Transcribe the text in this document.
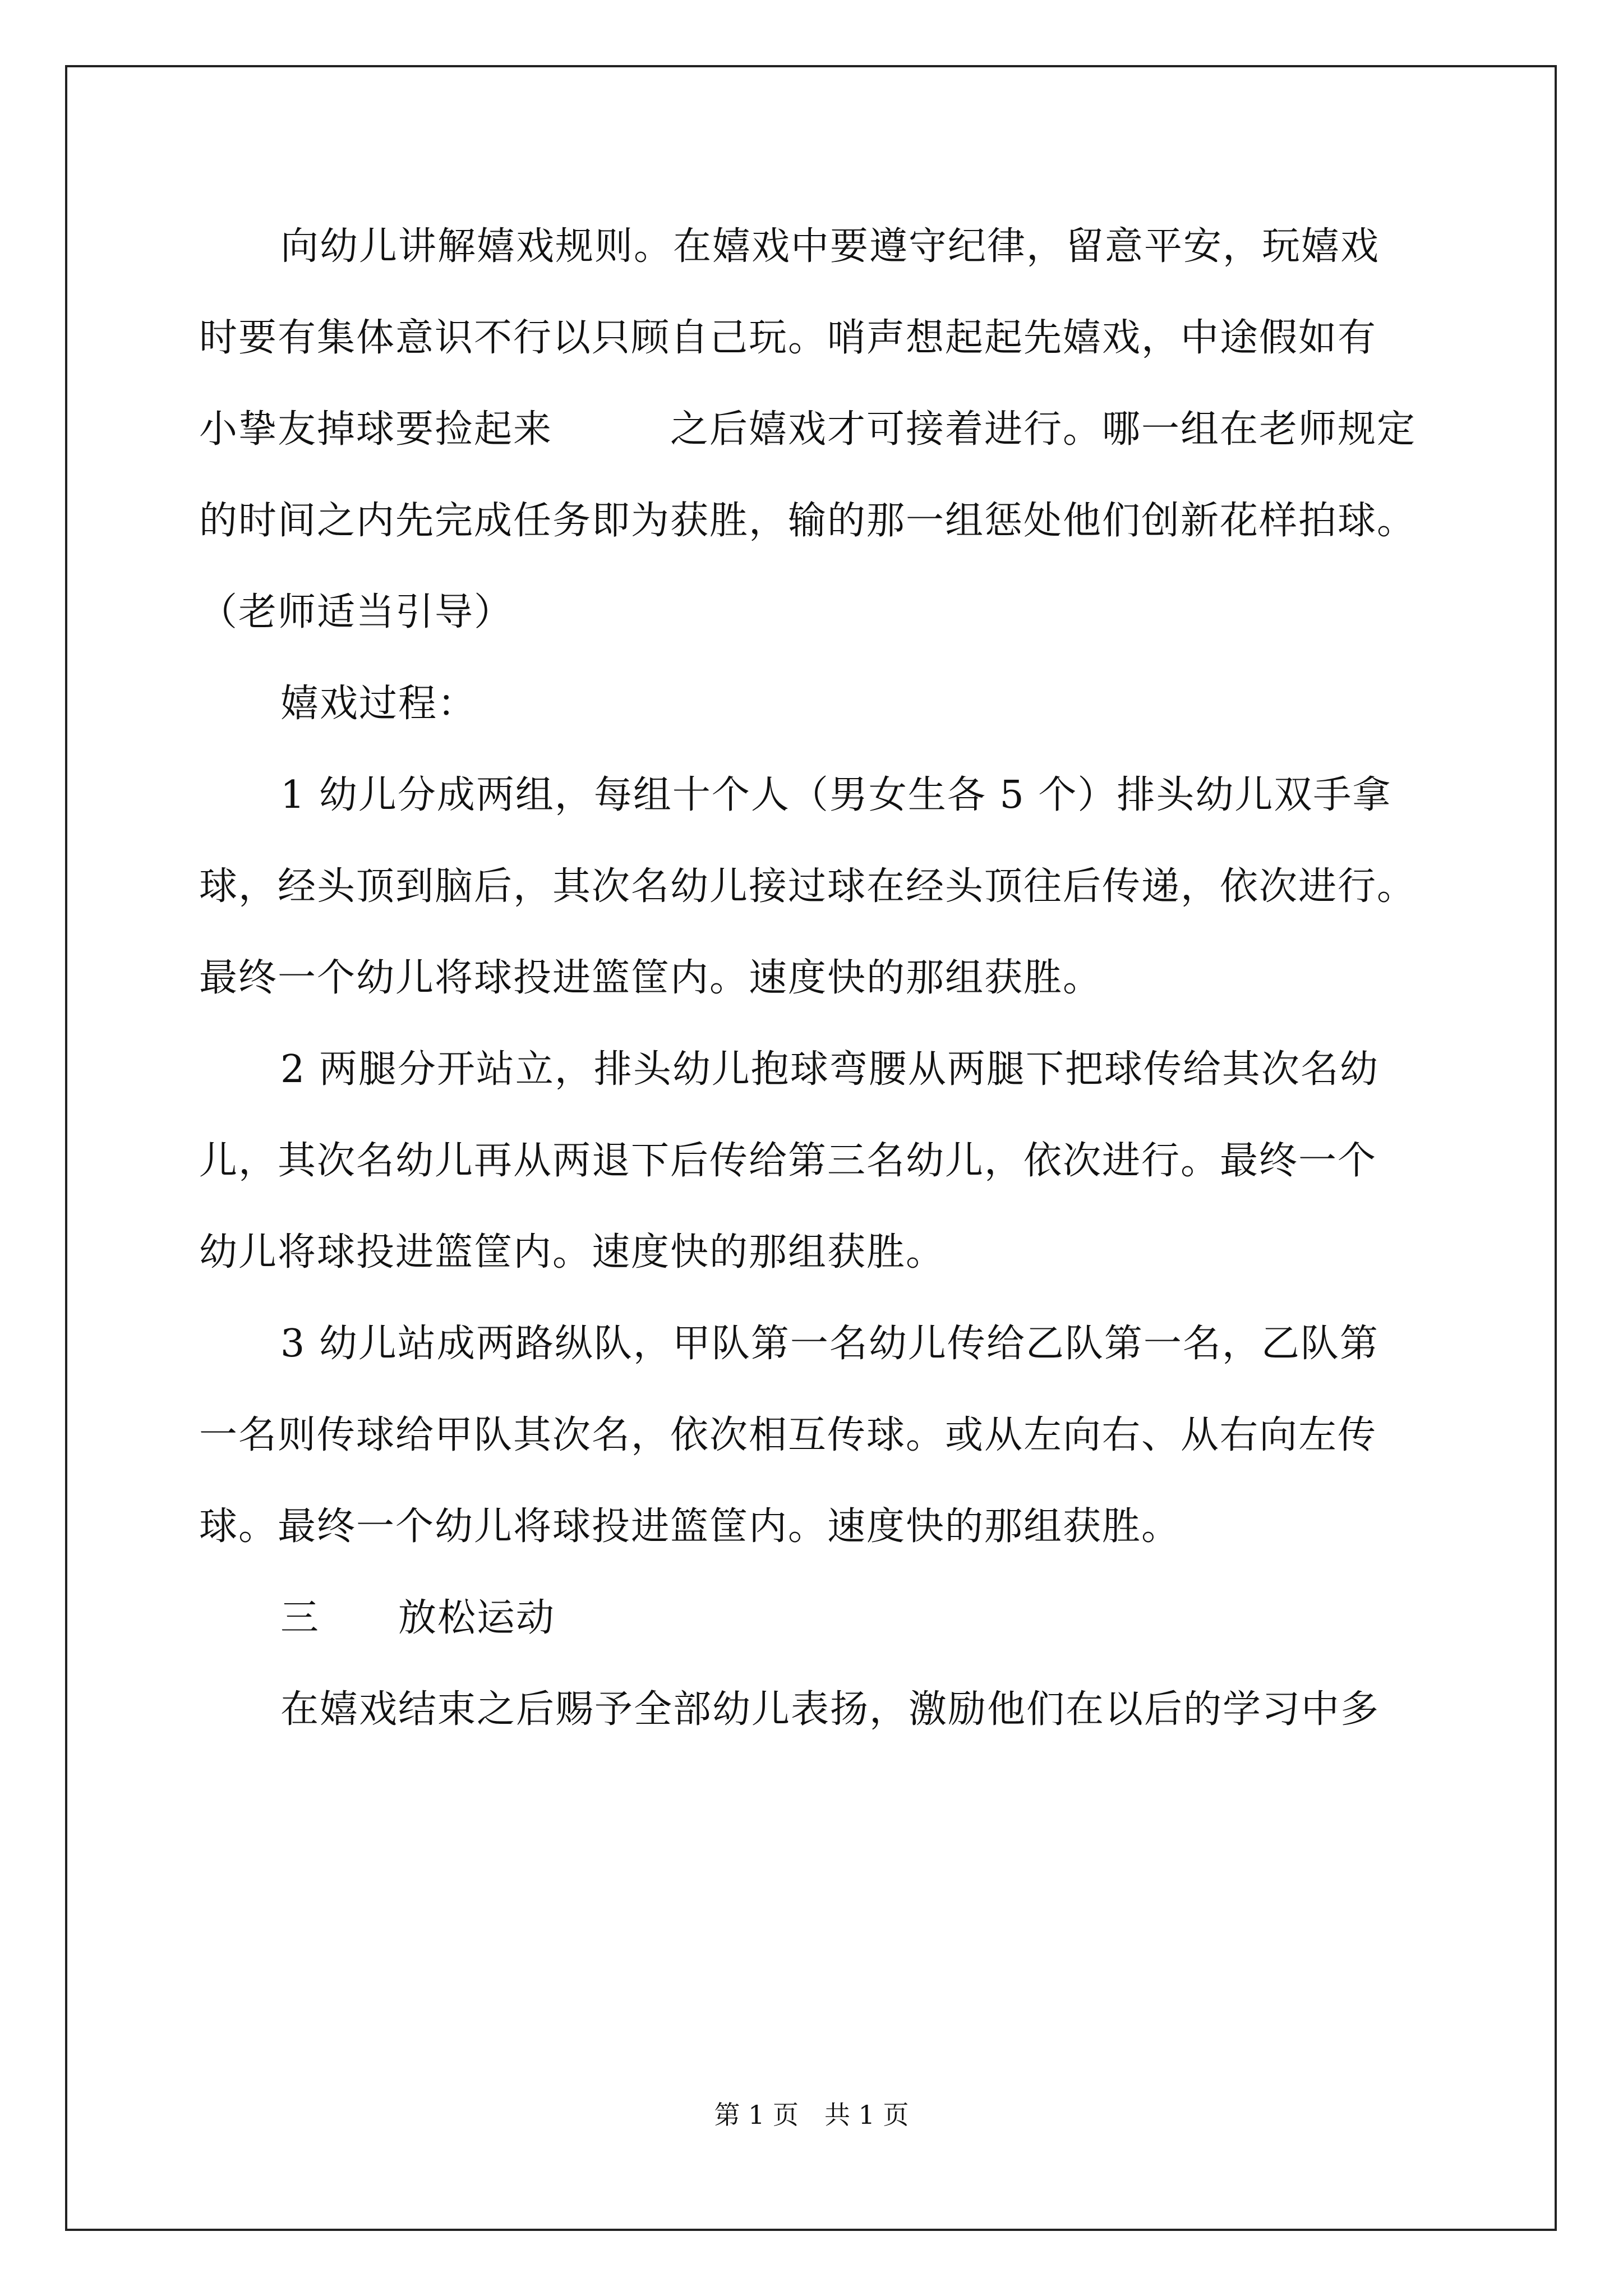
向幼儿讲解嬉戏规则。在嬉戏中要遵守纪律，留意平安，玩嬉戏
时要有集体意识不行以只顾自己玩。哨声想起起先嬉戏，中途假如有
小挚友掉球要捡起来　　　之后嬉戏才可接着进行。哪一组在老师规定
的时间之内先完成任务即为获胜，输的那一组惩处他们创新花样拍球。
（老师适当引导）
嬉戏过程：
1 幼儿分成两组，每组十个人（男女生各 5 个）排头幼儿双手拿
球，经头顶到脑后，其次名幼儿接过球在经头顶往后传递，依次进行。
最终一个幼儿将球投进篮筐内。速度快的那组获胜。
2 两腿分开站立，排头幼儿抱球弯腰从两腿下把球传给其次名幼
儿，其次名幼儿再从两退下后传给第三名幼儿，依次进行。最终一个
幼儿将球投进篮筐内。速度快的那组获胜。
3 幼儿站成两路纵队，甲队第一名幼儿传给乙队第一名，乙队第
一名则传球给甲队其次名，依次相互传球。或从左向右、从右向左传
球。最终一个幼儿将球投进篮筐内。速度快的那组获胜。
三　　放松运动
在嬉戏结束之后赐予全部幼儿表扬，激励他们在以后的学习中多
第 1 页　共 1 页
